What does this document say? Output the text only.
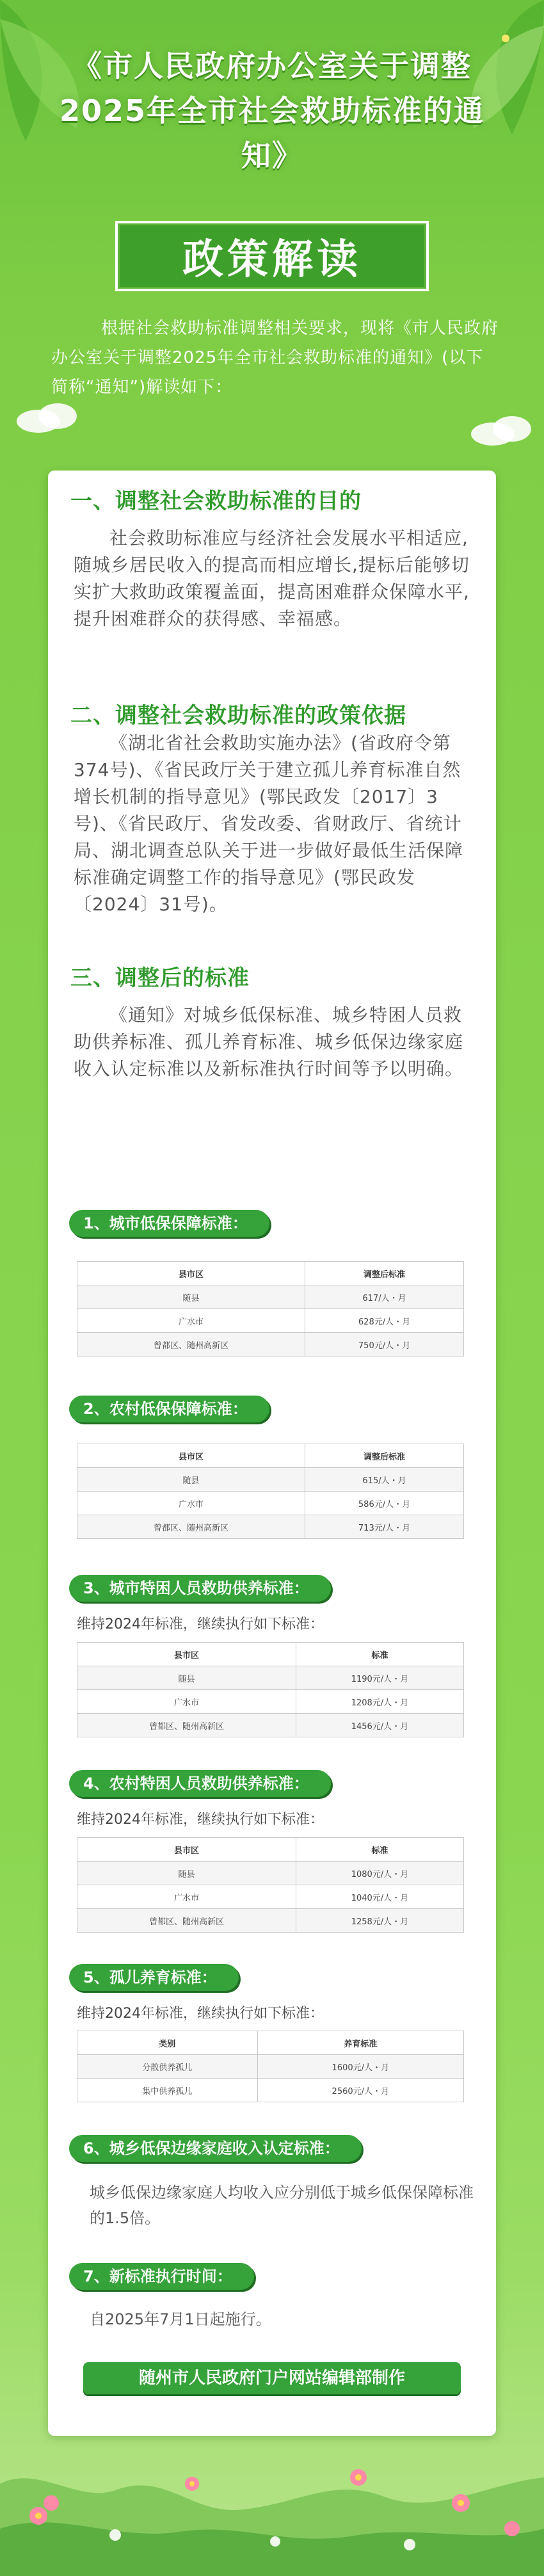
《市人民政府办公室关于调整2025年全市社会救助标准的通知》
政策解读
根据社会救助标准调整相关要求，现将《市人民政府办公室关于调整2025年全市社会救助标准的通知》(以下简称“通知”)解读如下：
一、调整社会救助标准的目的
社会救助标准应与经济社会发展水平相适应,随城乡居民收入的提高而相应增长,提标后能够切实扩大救助政策覆盖面，提高困难群众保障水平,提升困难群众的获得感、幸福感。
二、调整社会救助标准的政策依据
《湖北省社会救助实施办法》(省政府令第374号)、《省民政厅关于建立孤儿养育标准自然增长机制的指导意见》(鄂民政发〔2017〕3号)、《省民政厅、省发改委、省财政厅、省统计局、湖北调查总队关于进一步做好最低生活保障标准确定调整工作的指导意见》(鄂民政发〔2024〕31号)。
三、调整后的标准
《通知》对城乡低保标准、城乡特困人员救助供养标准、孤儿养育标准、城乡低保边缘家庭收入认定标准以及新标准执行时间等予以明确。
1、城市低保保障标准：
县市区	调整后标准
随县	617/人・月
广水市	628元/人・月
曾都区、随州高新区	750元/人・月
2、农村低保保障标准：
县市区	调整后标准
随县	615/人・月
广水市	586元/人・月
曾都区、随州高新区	713元/人・月
3、城市特困人员救助供养标准：
维持2024年标准，继续执行如下标准：
县市区	标准
随县	1190元/人・月
广水市	1208元/人・月
曾都区、随州高新区	1456元/人・月
4、农村特困人员救助供养标准：
维持2024年标准，继续执行如下标准：
县市区	标准
随县	1080元/人・月
广水市	1040元/人・月
曾都区、随州高新区	1258元/人・月
5、孤儿养育标准：
维持2024年标准，继续执行如下标准：
类别	养育标准
分散供养孤儿	1600元/人・月
集中供养孤儿	2560元/人・月
6、城乡低保边缘家庭收入认定标准：
城乡低保边缘家庭人均收入应分别低于城乡低保保障标准的1.5倍。
7、新标准执行时间：
自2025年7月1日起施行。
随州市人民政府门户网站编辑部制作
